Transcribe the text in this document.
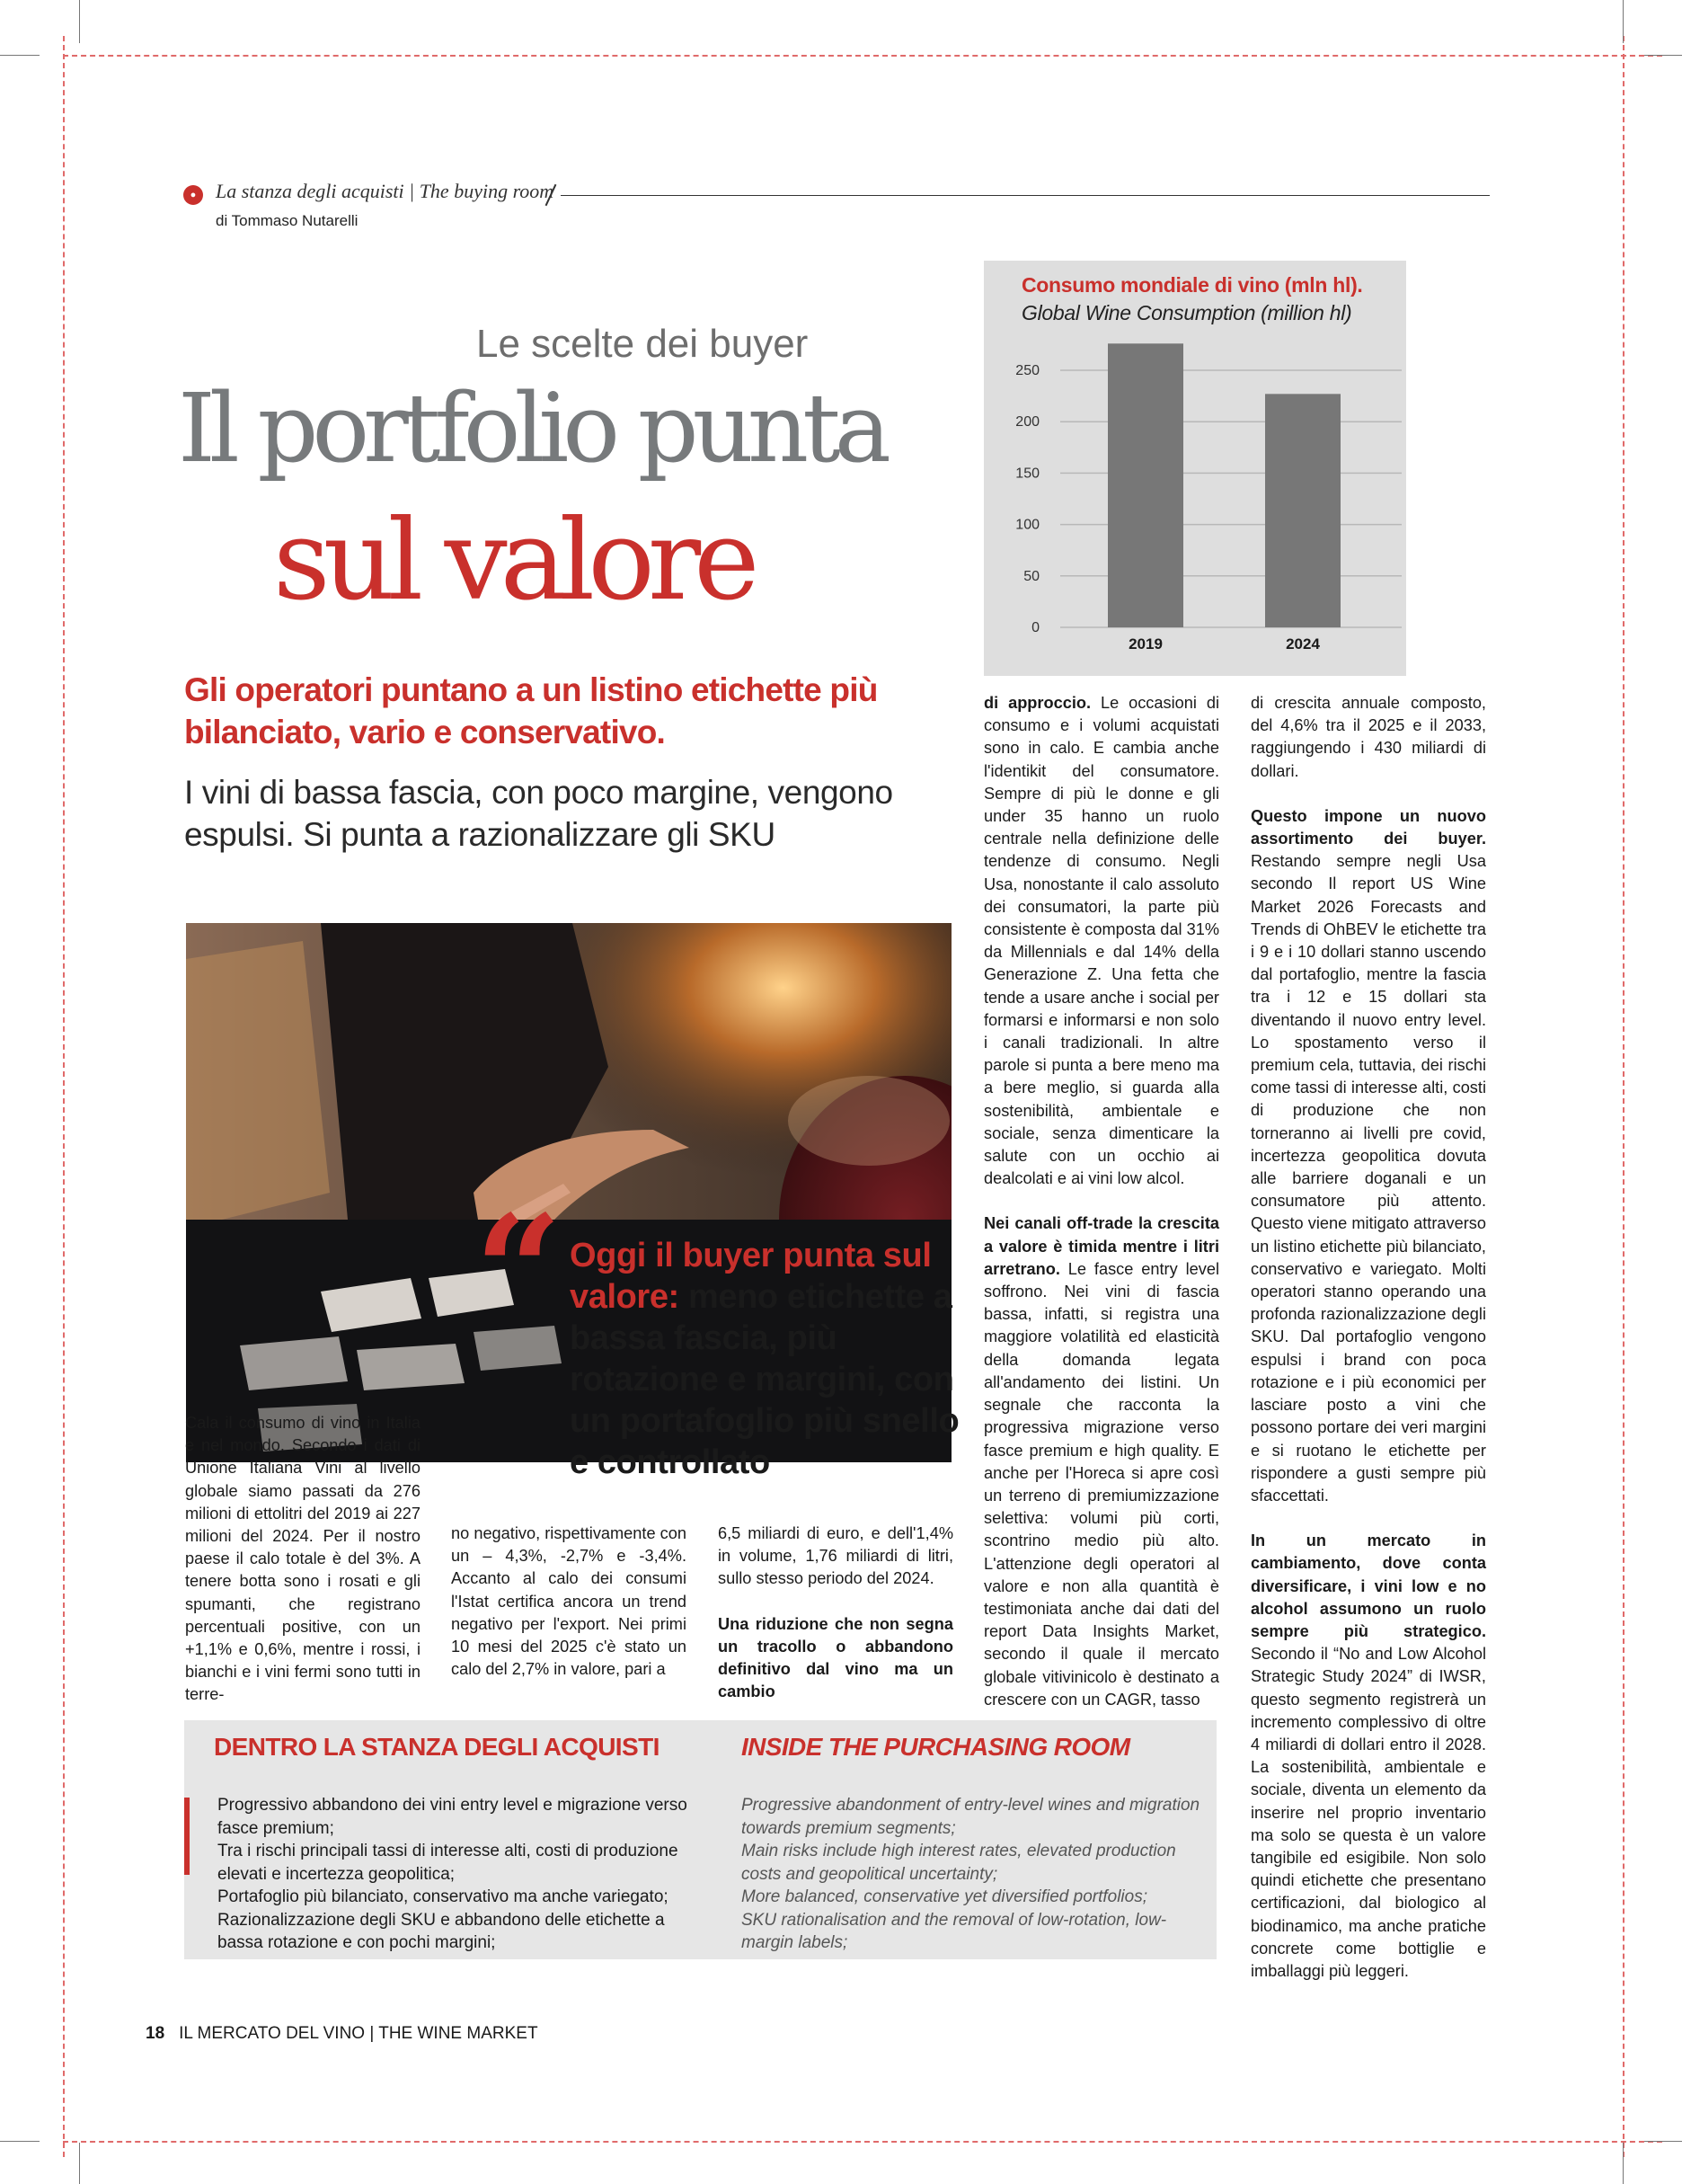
● La stanza degli acquisti | The buying room
di Tommaso Nutarelli
Le scelte dei buyer
Il portfolio punta
sul valore
Gli operatori puntano a un listino etichette più bilanciato, vario e conservativo.
I vini di bassa fascia, con poco margine, vengono espulsi. Si punta a razionalizzare gli SKU
Consumo mondiale di vino (mln hl).
Global Wine Consumption (million hl)
0
50
100
150
200
250
2019	2024
“ Oggi il buyer punta sul valore: meno etichette a bassa fascia, più rotazione e margini, con un portafoglio più snello e controllato

Cala il consumo di vino in Italia e nel mondo. Secondo i dati di Unione Italiana Vini al livello globale siamo passati da 276 milioni di ettolitri del 2019 ai 227 milioni del 2024. Per il nostro paese il calo totale è del 3%. A tenere botta sono i rosati e gli spumanti, che registrano percentuali positive, con un +1,1% e 0,6%, mentre i rossi, i bianchi e i vini fermi sono tutti in terre-

no negativo, rispettivamente con un – 4,3%, -2,7% e -3,4%. Accanto al calo dei consumi l'Istat certifica ancora un trend negativo per l'export. Nei primi 10 mesi del 2025 c'è stato un calo del 2,7% in valore, pari a

6,5 miliardi di euro, e dell'1,4% in volume, 1,76 miliardi di litri, sullo stesso periodo del 2024.

Una riduzione che non segna un tracollo o abbandono definitivo dal vino ma un cambio

di approccio. Le occasioni di consumo e i volumi acquistati sono in calo. E cambia anche l'identikit del consumatore. Sempre di più le donne e gli under 35 hanno un ruolo centrale nella definizione delle tendenze di consumo. Negli Usa, nonostante il calo assoluto dei consumatori, la parte più consistente è composta dal 31% da Millennials e dal 14% della Generazione Z. Una fetta che tende a usare anche i social per formarsi e informarsi e non solo i canali tradizionali. In altre parole si punta a bere meno ma a bere meglio, si guarda alla sostenibilità, ambientale e sociale, senza dimenticare la salute con un occhio ai dealcolati e ai vini low alcol.

Nei canali off-trade la crescita a valore è timida mentre i litri arretrano. Le fasce entry level soffrono. Nei vini di fascia bassa, infatti, si registra una maggiore volatilità ed elasticità della domanda legata all'andamento dei listini. Un segnale che racconta la progressiva migrazione verso fasce premium e high quality. E anche per l'Horeca si apre così un terreno di premiumizzazione selettiva: volumi più corti, scontrino medio più alto. L'attenzione degli operatori al valore e non alla quantità è testimoniata anche dai dati del report Data Insights Market, secondo il quale il mercato globale vitivinicolo è destinato a crescere con un CAGR, tasso

di crescita annuale composto, del 4,6% tra il 2025 e il 2033, raggiungendo i 430 miliardi di dollari.

Questo impone un nuovo assortimento dei buyer. Restando sempre negli Usa secondo Il report US Wine Market 2026 Forecasts and Trends di OhBEV le etichette tra i 9 e i 10 dollari stanno uscendo dal portafoglio, mentre la fascia tra i 12 e 15 dollari sta diventando il nuovo entry level. Lo spostamento verso il premium cela, tuttavia, dei rischi come tassi di interesse alti, costi di produzione che non torneranno ai livelli pre covid, incertezza geopolitica dovuta alle barriere doganali e un consumatore più attento. Questo viene mitigato attraverso un listino etichette più bilanciato, conservativo e variegato. Molti operatori stanno operando una profonda razionalizzazione degli SKU. Dal portafoglio vengono espulsi i brand con poca rotazione e i più economici per lasciare posto a vini che possono portare dei veri margini e si ruotano le etichette per rispondere a gusti sempre più sfaccettati.

In un mercato in cambiamento, dove conta diversificare, i vini low e no alcohol assumono un ruolo sempre più strategico. Secondo il “No and Low Alcohol Strategic Study 2024” di IWSR, questo segmento registrerà un incremento complessivo di oltre 4 miliardi di dollari entro il 2028. La sostenibilità, ambientale e sociale, diventa un elemento da inserire nel proprio inventario ma solo se questa è un valore tangibile ed esigibile. Non solo quindi etichette che presentano certificazioni, dal biologico al biodinamico, ma anche pratiche concrete come bottiglie e imballaggi più leggeri.

DENTRO LA STANZA DEGLI ACQUISTI	INSIDE THE PURCHASING ROOM
Progressivo abbandono dei vini entry level e migrazione verso fasce premium;
Tra i rischi principali tassi di interesse alti, costi di produzione elevati e incertezza geopolitica;
Portafoglio più bilanciato, conservativo ma anche variegato;
Razionalizzazione degli SKU e abbandono delle etichette a bassa rotazione e con pochi margini;
Progressive abandonment of entry-level wines and migration towards premium segments;
Main risks include high interest rates, elevated production costs and geopolitical uncertainty;
More balanced, conservative yet diversified portfolios;
SKU rationalisation and the removal of low-rotation, low-margin labels;
18 IL MERCATO DEL VINO | THE WINE MARKET
